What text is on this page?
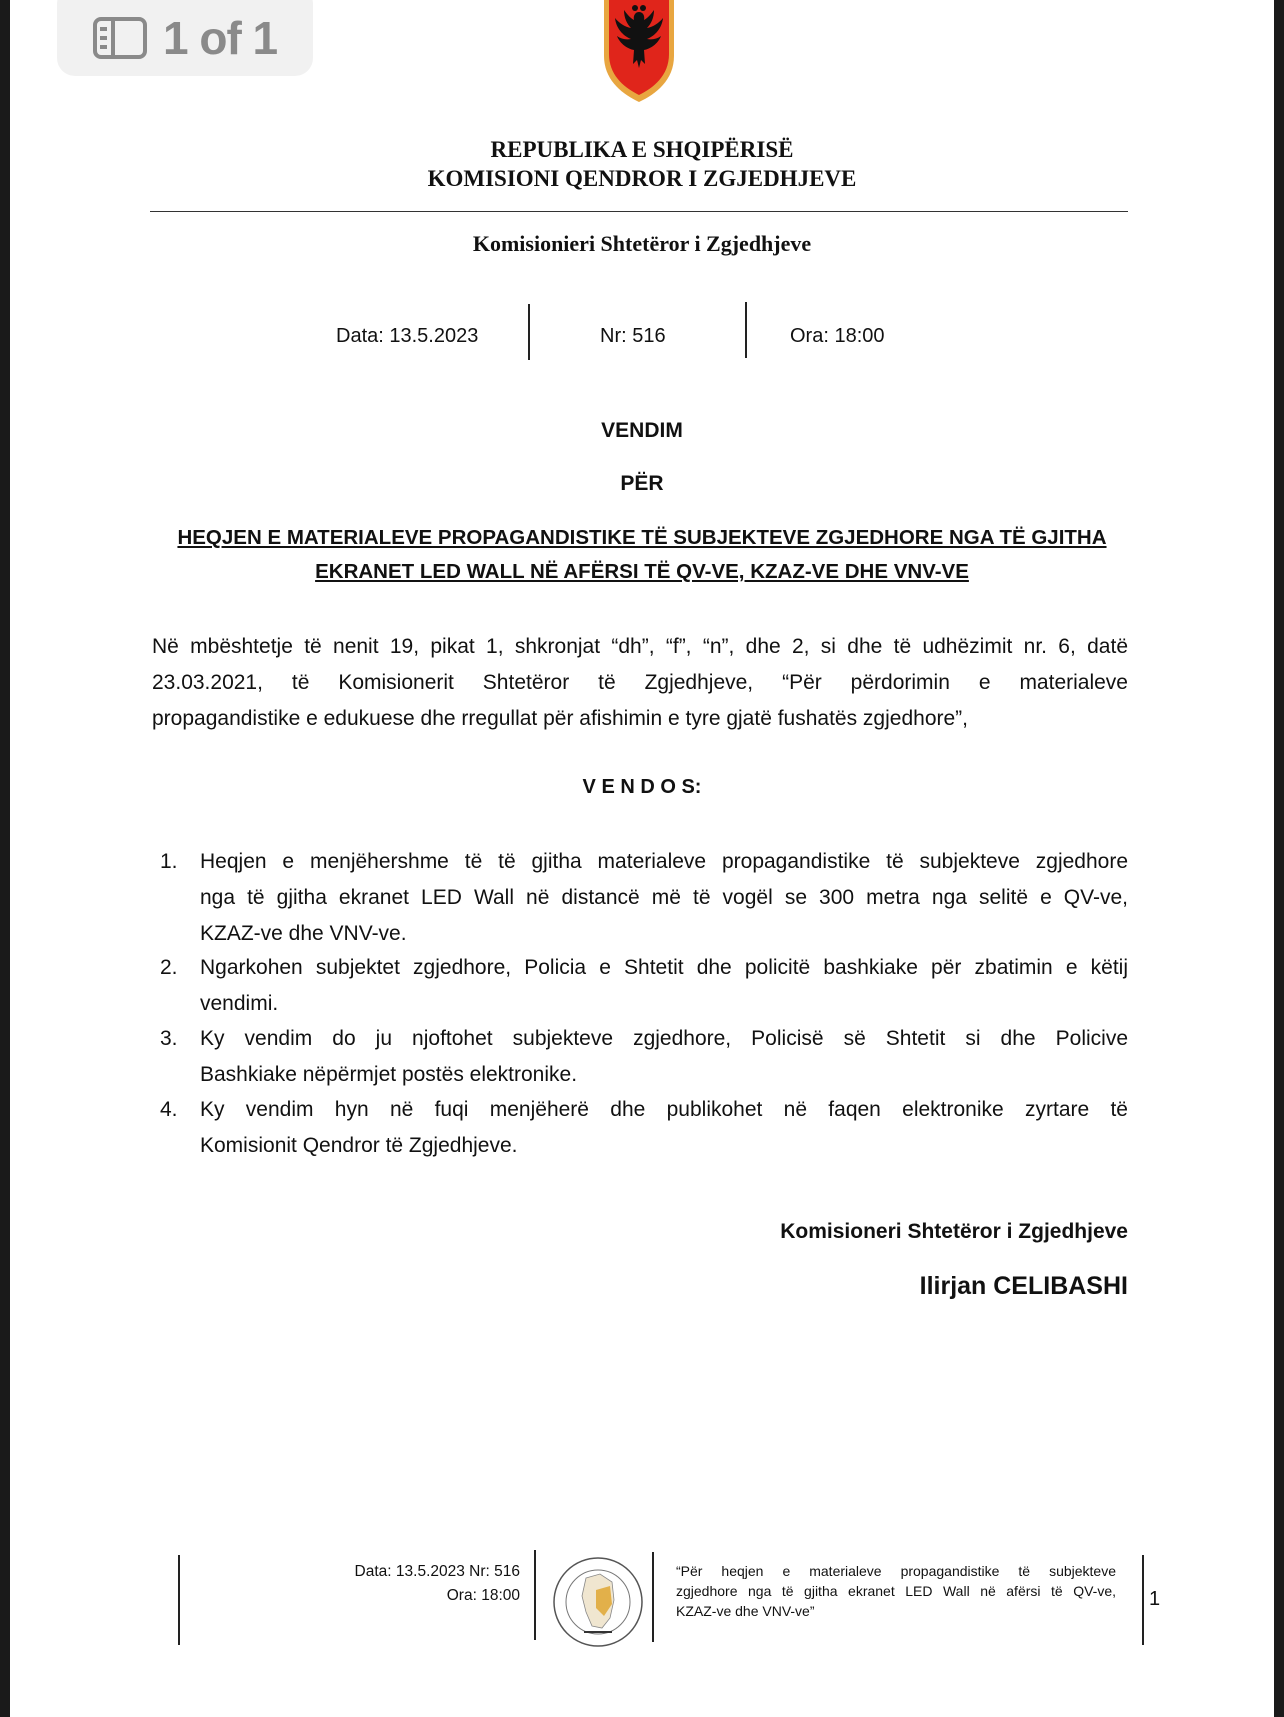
1 of 1
REPUBLIKA E SHQIPËRISË
KOMISIONI QENDROR I ZGJEDHJEVE
Komisionieri Shtetëror i Zgjedhjeve
Data: 13.5.2023	Nr: 516	Ora: 18:00
VENDIM
PËR
HEQJEN E MATERIALEVE PROPAGANDISTIKE TË SUBJEKTEVE ZGJEDHORE NGA TË GJITHA
EKRANET LED WALL NË AFËRSI TË QV-VE, KZAZ-VE DHE VNV-VE
Në mbështetje të nenit 19, pikat 1, shkronjat “dh”, “f”, “n”, dhe 2, si dhe të udhëzimit nr. 6, datë
23.03.2021, të Komisionerit Shtetëror të Zgjedhjeve, “Për përdorimin e materialeve
propagandistike e edukuese dhe rregullat për afishimin e tyre gjatë fushatës zgjedhore”,
V E N D O S:
1.	Heqjen e menjëhershme të të gjitha materialeve propagandistike të subjekteve zgjedhore
nga të gjitha ekranet LED Wall në distancë më të vogël se 300 metra nga selitë e QV-ve,
KZAZ-ve dhe VNV-ve.
2.	Ngarkohen subjektet zgjedhore, Policia e Shtetit dhe policitë bashkiake për zbatimin e këtij
vendimi.
3.	Ky vendim do ju njoftohet subjekteve zgjedhore, Policisë së Shtetit si dhe Policive
Bashkiake nëpërmjet postës elektronike.
4.	Ky vendim hyn në fuqi menjëherë dhe publikohet në faqen elektronike zyrtare të
Komisionit Qendror të Zgjedhjeve.
Komisioneri Shtetëror i Zgjedhjeve
Ilirjan CELIBASHI
Data: 13.5.2023 Nr: 516
Ora: 18:00
“Për heqjen e materialeve propagandistike të subjekteve
zgjedhore nga të gjitha ekranet LED Wall në afërsi të QV-ve,
KZAZ-ve dhe VNV-ve”
1
